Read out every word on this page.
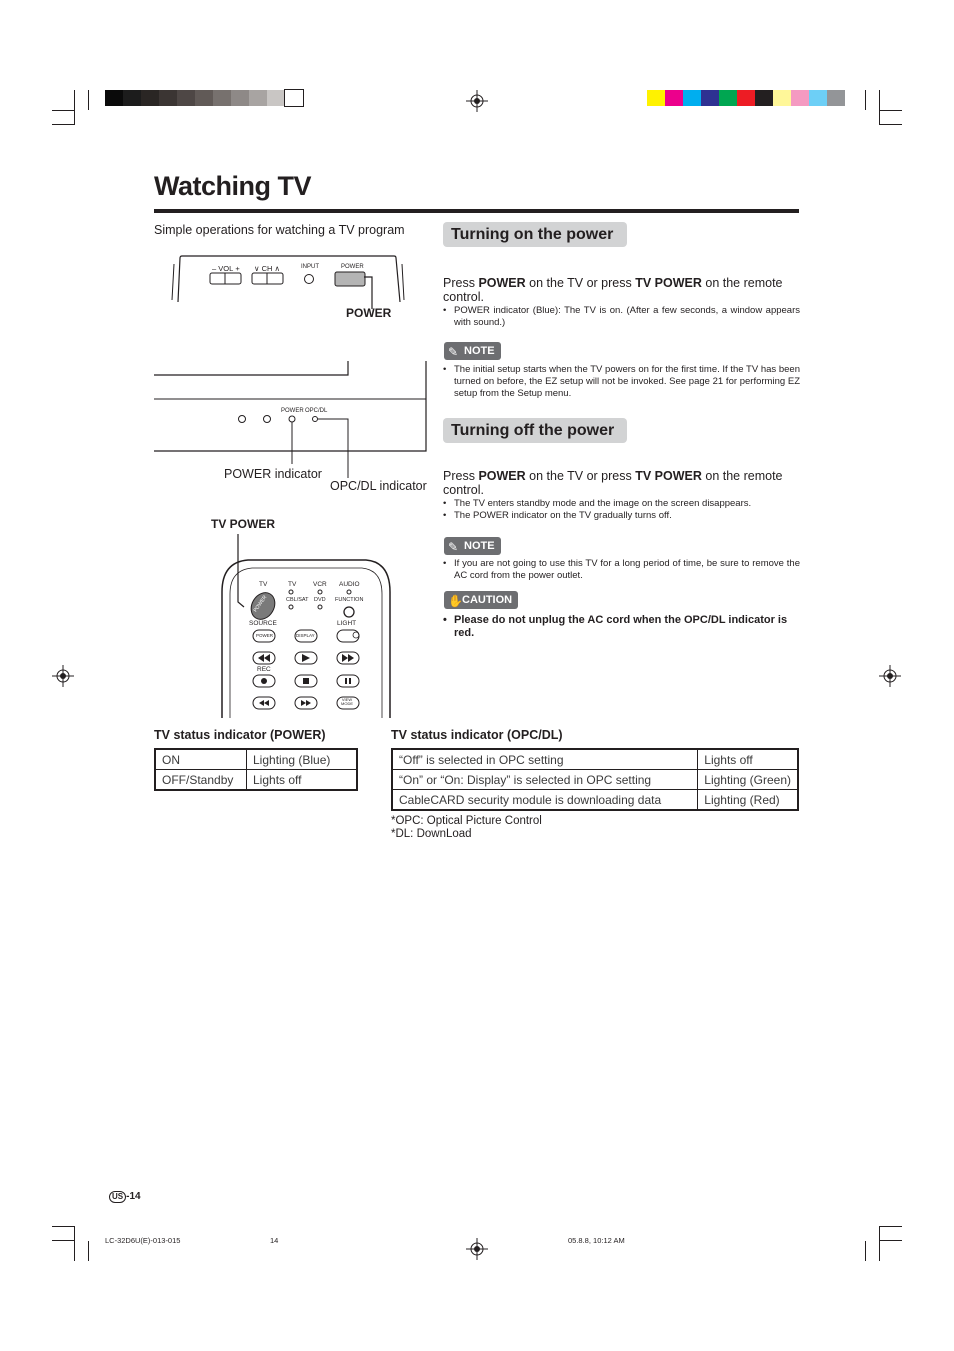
Watching TV
Simple operations for watching a TV program
– VOL + ∨ CH ∧	INPUT	POWER
POWER
POWER OPC/DL
POWER indicator
OPC/DL indicator
TV POWER
TV	TV	VCR AUDIO
CBL/SAT DVD FUNCTION
POWER
SOURCE	LIGHT
POWER	DISPLAY
REC
VIEW MODE
Turning on the power
Press POWER on the TV or press TV POWER on the remote control.
• POWER indicator (Blue): The TV is on. (After a few seconds, a window appears with sound.)
✎ NOTE
• The initial setup starts when the TV powers on for the first time. If the TV has been turned on before, the EZ setup will not be invoked. See page 21 for performing EZ setup from the Setup menu.
Turning off the power
Press POWER on the TV or press TV POWER on the remote control.
• The TV enters standby mode and the image on the screen disappears.
• The POWER indicator on the TV gradually turns off.
✎ NOTE
• If you are not going to use this TV for a long period of time, be sure to remove the AC cord from the power outlet.
✋ CAUTION
• Please do not unplug the AC cord when the OPC/DL indicator is red.
TV status indicator (POWER)
ON	Lighting (Blue)
OFF/Standby	Lights off
TV status indicator (OPC/DL)
“Off” is selected in OPC setting	Lights off
“On” or “On: Display” is selected in OPC setting	Lighting (Green)
CableCARD security module is downloading data	Lighting (Red)
*OPC: Optical Picture Control
*DL: DownLoad
US -14
LC-32D6U(E)-013-015	14	05.8.8, 10:12 AM
